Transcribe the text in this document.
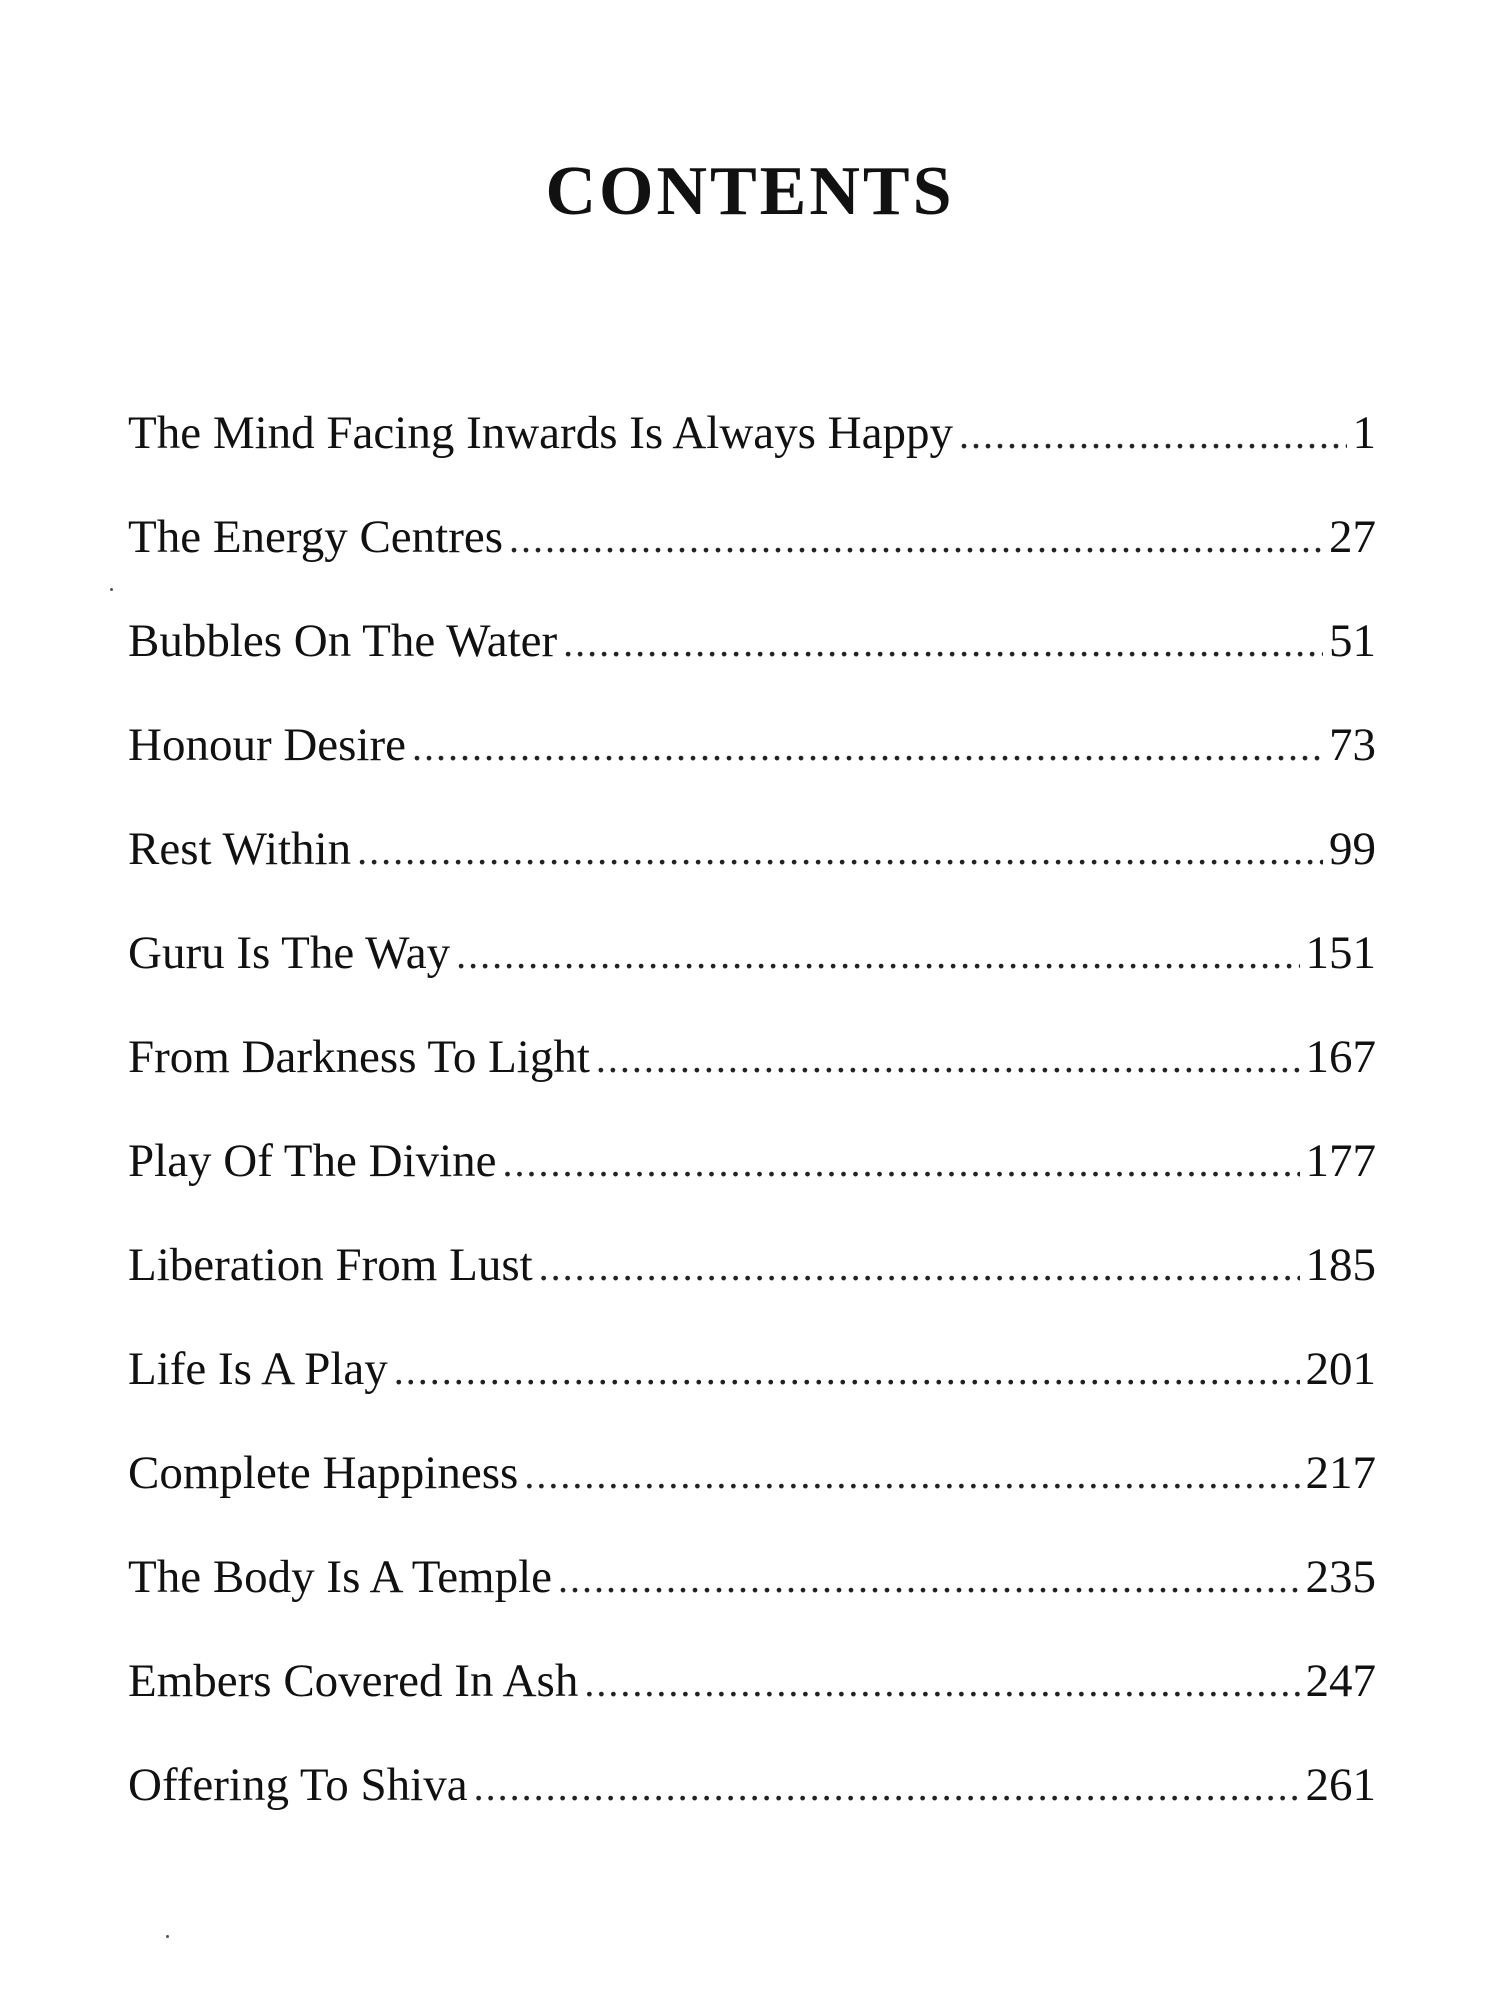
CONTENTS
The Mind Facing Inwards Is Always Happy .....	1
The Energy Centres .....	27
Bubbles On The Water .....	51
Honour Desire .....	73
Rest Within .....	99
Guru Is The Way .....	151
From Darkness To Light .....	167
Play Of The Divine .....	177
Liberation From Lust .....	185
Life Is A Play .....	201
Complete Happiness .....	217
The Body Is A Temple .....	235
Embers Covered In Ash .....	247
Offering To Shiva .....	261
